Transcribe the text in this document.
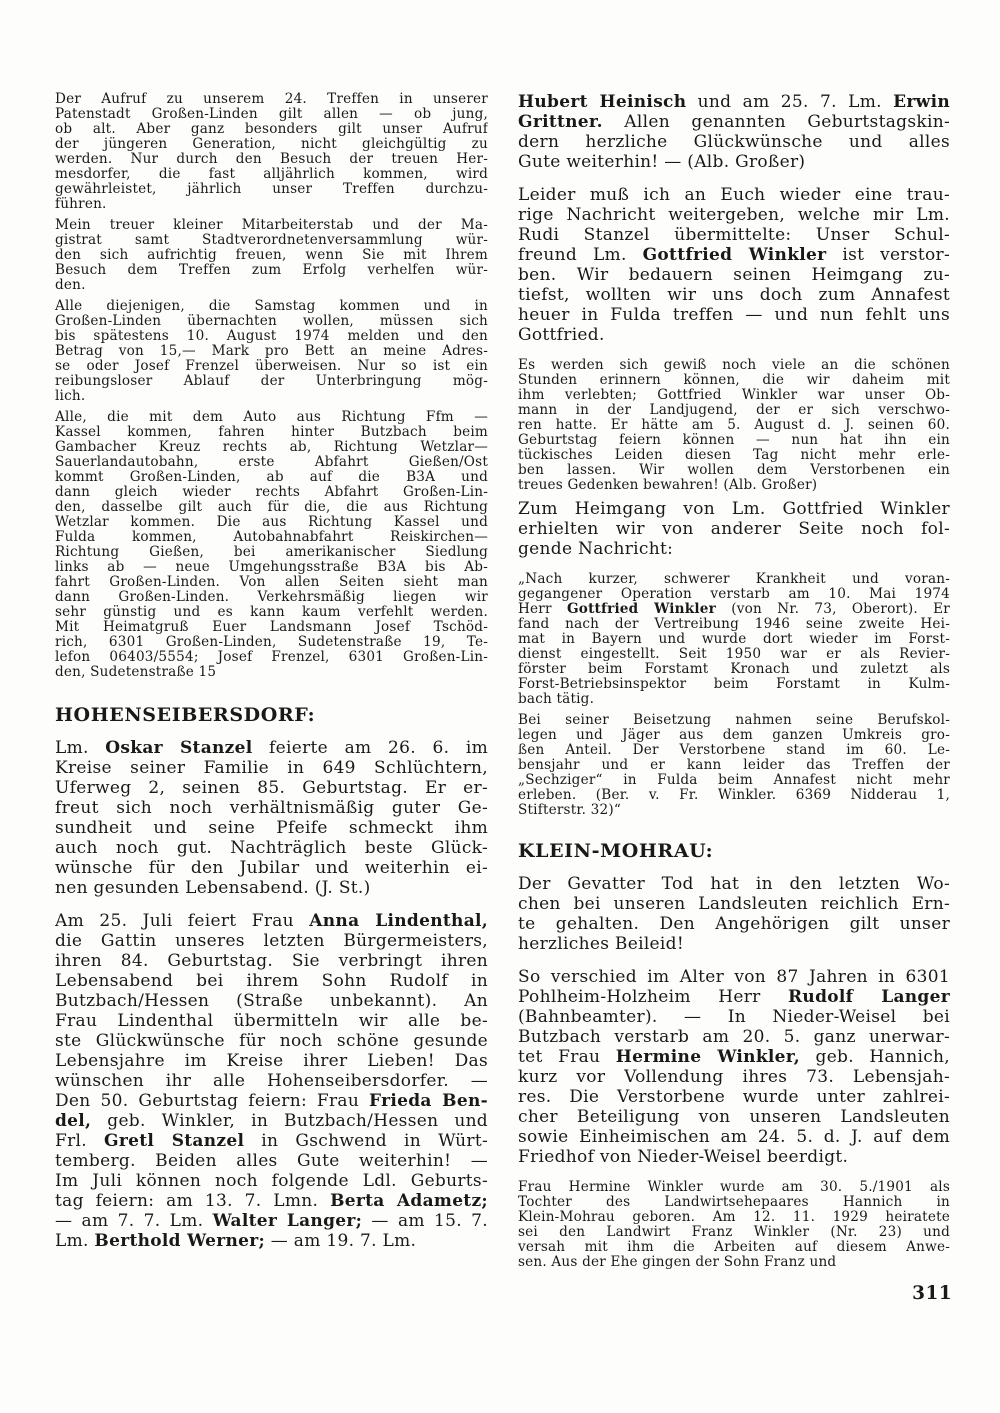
Der Aufruf zu unserem 24. Treffen in unserer
Patenstadt Großen-Linden gilt allen — ob jung,
ob alt. Aber ganz besonders gilt unser Aufruf
der jüngeren Generation, nicht gleichgültig zu
werden. Nur durch den Besuch der treuen Her-
mesdorfer, die fast alljährlich kommen, wird
gewährleistet, jährlich unser Treffen durchzu-
führen.
Mein treuer kleiner Mitarbeiterstab und der Ma-
gistrat samt Stadtverordnetenversammlung wür-
den sich aufrichtig freuen, wenn Sie mit Ihrem
Besuch dem Treffen zum Erfolg verhelfen wür-
den.
Alle diejenigen, die Samstag kommen und in
Großen-Linden übernachten wollen, müssen sich
bis spätestens 10. August 1974 melden und den
Betrag von 15,— Mark pro Bett an meine Adres-
se oder Josef Frenzel überweisen. Nur so ist ein
reibungsloser Ablauf der Unterbringung mög-
lich.
Alle, die mit dem Auto aus Richtung Ffm —
Kassel kommen, fahren hinter Butzbach beim
Gambacher Kreuz rechts ab, Richtung Wetzlar—
Sauerlandautobahn, erste Abfahrt Gießen/Ost
kommt Großen-Linden, ab auf die B3A und
dann gleich wieder rechts Abfahrt Großen-Lin-
den, dasselbe gilt auch für die, die aus Richtung
Wetzlar kommen. Die aus Richtung Kassel und
Fulda kommen, Autobahnabfahrt Reiskirchen—
Richtung Gießen, bei amerikanischer Siedlung
links ab — neue Umgehungsstraße B3A bis Ab-
fahrt Großen-Linden. Von allen Seiten sieht man
dann Großen-Linden. Verkehrsmäßig liegen wir
sehr günstig und es kann kaum verfehlt werden.
Mit Heimatgruß Euer Landsmann Josef Tschöd-
rich, 6301 Großen-Linden, Sudetenstraße 19, Te-
lefon 06403/5554; Josef Frenzel, 6301 Großen-Lin-
den, Sudetenstraße 15
HOHENSEIBERSDORF:
Lm. Oskar Stanzel feierte am 26. 6. im
Kreise seiner Familie in 649 Schlüchtern,
Uferweg 2, seinen 85. Geburtstag. Er er-
freut sich noch verhältnismäßig guter Ge-
sundheit und seine Pfeife schmeckt ihm
auch noch gut. Nachträglich beste Glück-
wünsche für den Jubilar und weiterhin ei-
nen gesunden Lebensabend. (J. St.)
Am 25. Juli feiert Frau Anna Lindenthal,
die Gattin unseres letzten Bürgermeisters,
ihren 84. Geburtstag. Sie verbringt ihren
Lebensabend bei ihrem Sohn Rudolf in
Butzbach/Hessen (Straße unbekannt). An
Frau Lindenthal übermitteln wir alle be-
ste Glückwünsche für noch schöne gesunde
Lebensjahre im Kreise ihrer Lieben! Das
wünschen ihr alle Hohenseibersdorfer. —
Den 50. Geburtstag feiern: Frau Frieda Ben-
del, geb. Winkler, in Butzbach/Hessen und
Frl. Gretl Stanzel in Gschwend in Würt-
temberg. Beiden alles Gute weiterhin! —
Im Juli können noch folgende Ldl. Geburts-
tag feiern: am 13. 7. Lmn. Berta Adametz;
— am 7. 7. Lm. Walter Langer; — am 15. 7.
Lm. Berthold Werner; — am 19. 7. Lm.
Hubert Heinisch und am 25. 7. Lm. Erwin
Grittner. Allen genannten Geburtstagskin-
dern herzliche Glückwünsche und alles
Gute weiterhin! — (Alb. Großer)
Leider muß ich an Euch wieder eine trau-
rige Nachricht weitergeben, welche mir Lm.
Rudi Stanzel übermittelte: Unser Schul-
freund Lm. Gottfried Winkler ist verstor-
ben. Wir bedauern seinen Heimgang zu-
tiefst, wollten wir uns doch zum Annafest
heuer in Fulda treffen — und nun fehlt uns
Gottfried.
Es werden sich gewiß noch viele an die schönen
Stunden erinnern können, die wir daheim mit
ihm verlebten; Gottfried Winkler war unser Ob-
mann in der Landjugend, der er sich verschwo-
ren hatte. Er hätte am 5. August d. J. seinen 60.
Geburtstag feiern können — nun hat ihn ein
tückisches Leiden diesen Tag nicht mehr erle-
ben lassen. Wir wollen dem Verstorbenen ein
treues Gedenken bewahren! (Alb. Großer)
Zum Heimgang von Lm. Gottfried Winkler
erhielten wir von anderer Seite noch fol-
gende Nachricht:
„Nach kurzer, schwerer Krankheit und voran-
gegangener Operation verstarb am 10. Mai 1974
Herr Gottfried Winkler (von Nr. 73, Oberort). Er
fand nach der Vertreibung 1946 seine zweite Hei-
mat in Bayern und wurde dort wieder im Forst-
dienst eingestellt. Seit 1950 war er als Revier-
förster beim Forstamt Kronach und zuletzt als
Forst-Betriebsinspektor beim Forstamt in Kulm-
bach tätig.
Bei seiner Beisetzung nahmen seine Berufskol-
legen und Jäger aus dem ganzen Umkreis gro-
ßen Anteil. Der Verstorbene stand im 60. Le-
bensjahr und er kann leider das Treffen der
„Sechziger“ in Fulda beim Annafest nicht mehr
erleben. (Ber. v. Fr. Winkler. 6369 Nidderau 1,
Stifterstr. 32)“
KLEIN-MOHRAU:
Der Gevatter Tod hat in den letzten Wo-
chen bei unseren Landsleuten reichlich Ern-
te gehalten. Den Angehörigen gilt unser
herzliches Beileid!
So verschied im Alter von 87 Jahren in 6301
Pohlheim-Holzheim Herr Rudolf Langer
(Bahnbeamter). — In Nieder-Weisel bei
Butzbach verstarb am 20. 5. ganz unerwar-
tet Frau Hermine Winkler, geb. Hannich,
kurz vor Vollendung ihres 73. Lebensjah-
res. Die Verstorbene wurde unter zahlrei-
cher Beteiligung von unseren Landsleuten
sowie Einheimischen am 24. 5. d. J. auf dem
Friedhof von Nieder-Weisel beerdigt.
Frau Hermine Winkler wurde am 30. 5./1901 als
Tochter des Landwirtsehepaares Hannich in
Klein-Mohrau geboren. Am 12. 11. 1929 heiratete
sei den Landwirt Franz Winkler (Nr. 23) und
versah mit ihm die Arbeiten auf diesem Anwe-
sen. Aus der Ehe gingen der Sohn Franz und
311
